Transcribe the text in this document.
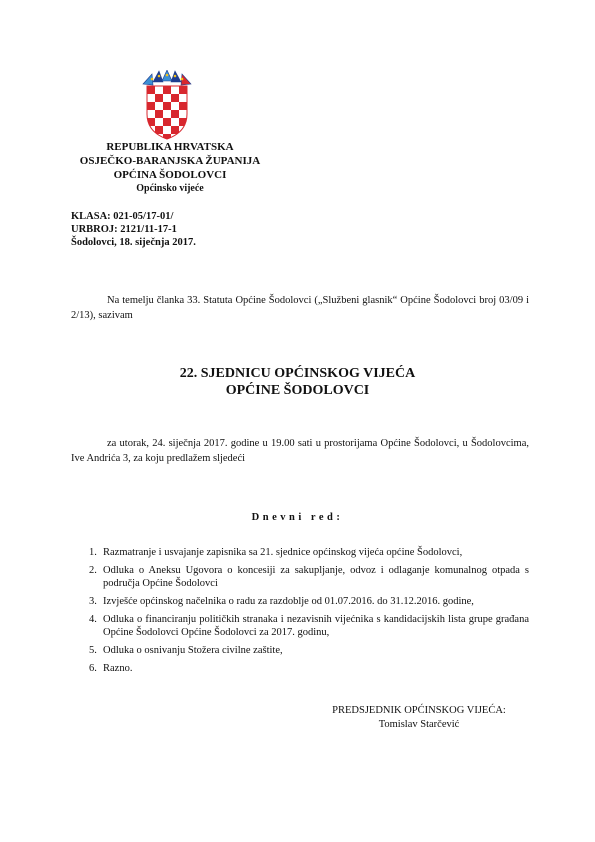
REPUBLIKA HRVATSKA
OSJEČKO-BARANJSKA ŽUPANIJA
OPĆINA ŠODOLOVCI
Općinsko vijeće
KLASA: 021-05/17-01/
URBROJ: 2121/11-17-1
Šodolovci, 18. siječnja 2017.
Na temelju članka 33. Statuta Općine Šodolovci („Službeni glasnik“ Općine Šodolovci broj 03/09 i 2/13), sazivam
22. SJEDNICU OPĆINSKOG VIJEĆA
OPĆINE ŠODOLOVCI
za utorak, 24. siječnja 2017. godine u 19.00 sati u prostorijama Općine Šodolovci, u Šodolovcima, Ive Andrića 3, za koju predlažem sljedeći
Dnevni red:
1. Razmatranje i usvajanje zapisnika sa 21. sjednice općinskog vijeća općine Šodolovci,
2. Odluka o Aneksu Ugovora o koncesiji za sakupljanje, odvoz i odlaganje komunalnog otpada s područja Općine Šodolovci
3. Izvješće općinskog načelnika o radu za razdoblje od 01.07.2016. do 31.12.2016. godine,
4. Odluka o financiranju političkih stranaka i nezavisnih vijećnika s kandidacijskih lista grupe građana Općine Šodolovci Općine Šodolovci za 2017. godinu,
5. Odluka o osnivanju Stožera civilne zaštite,
6. Razno.
PREDSJEDNIK OPĆINSKOG VIJEĆA:
Tomislav Starčević
